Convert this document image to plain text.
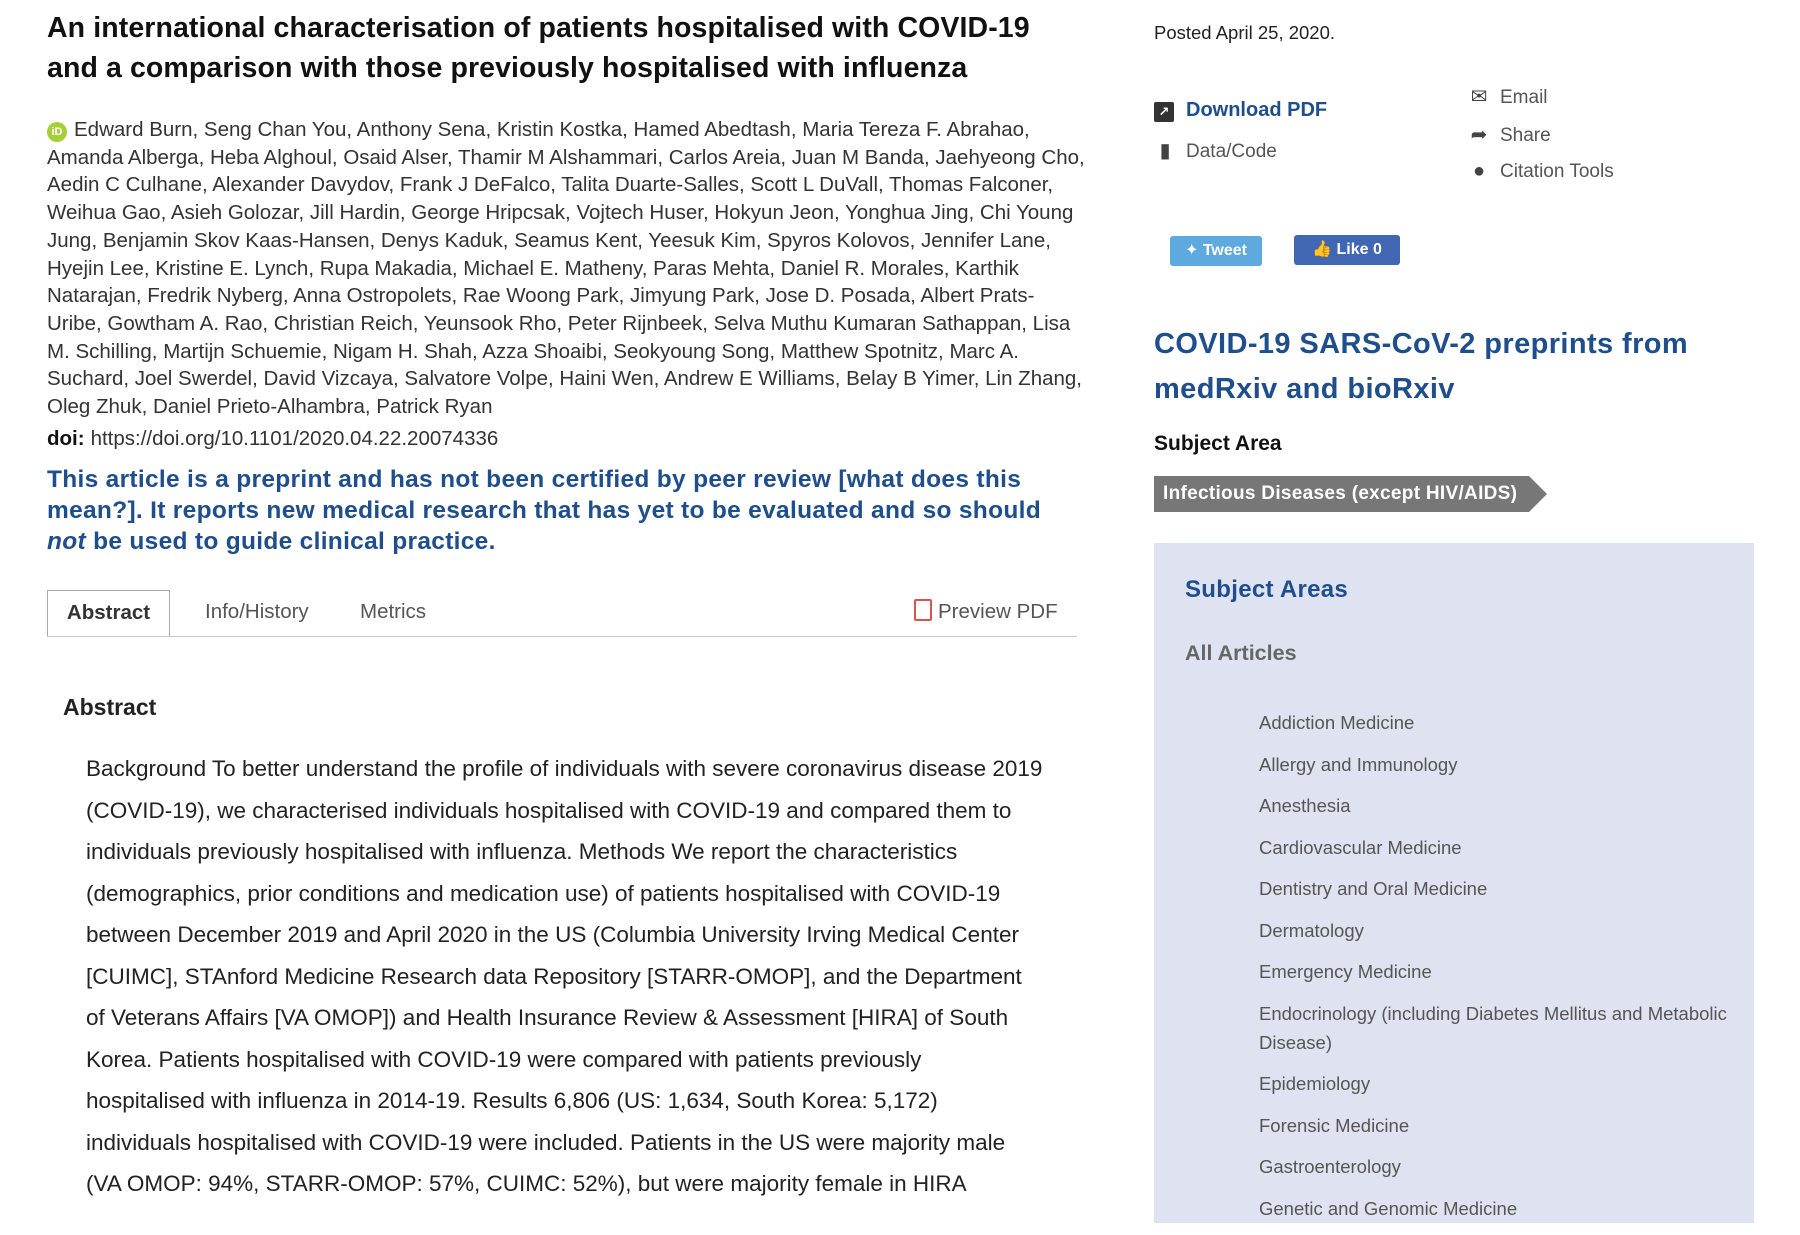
An international characterisation of patients hospitalised with COVID-19 and a comparison with those previously hospitalised with influenza
iD Edward Burn, Seng Chan You, Anthony Sena, Kristin Kostka, Hamed Abedtash, Maria Tereza F. Abrahao, Amanda Alberga, Heba Alghoul, Osaid Alser, Thamir M Alshammari, Carlos Areia, Juan M Banda, Jaehyeong Cho, Aedin C Culhane, Alexander Davydov, Frank J DeFalco, Talita Duarte-Salles, Scott L DuVall, Thomas Falconer, Weihua Gao, Asieh Golozar, Jill Hardin, George Hripcsak, Vojtech Huser, Hokyun Jeon, Yonghua Jing, Chi Young Jung, Benjamin Skov Kaas-Hansen, Denys Kaduk, Seamus Kent, Yeesuk Kim, Spyros Kolovos, Jennifer Lane, Hyejin Lee, Kristine E. Lynch, Rupa Makadia, Michael E. Matheny, Paras Mehta, Daniel R. Morales, Karthik Natarajan, Fredrik Nyberg, Anna Ostropolets, Rae Woong Park, Jimyung Park, Jose D. Posada, Albert Prats-Uribe, Gowtham A. Rao, Christian Reich, Yeunsook Rho, Peter Rijnbeek, Selva Muthu Kumaran Sathappan, Lisa M. Schilling, Martijn Schuemie, Nigam H. Shah, Azza Shoaibi, Seokyoung Song, Matthew Spotnitz, Marc A. Suchard, Joel Swerdel, David Vizcaya, Salvatore Volpe, Haini Wen, Andrew E Williams, Belay B Yimer, Lin Zhang, Oleg Zhuk, Daniel Prieto-Alhambra, Patrick Ryan
doi: https://doi.org/10.1101/2020.04.22.20074336
This article is a preprint and has not been certified by peer review [what does this mean?]. It reports new medical research that has yet to be evaluated and so should not be used to guide clinical practice.
Abstract	Info/History	Metrics	Preview PDF
Abstract
Background To better understand the profile of individuals with severe coronavirus disease 2019 (COVID-19), we characterised individuals hospitalised with COVID-19 and compared them to individuals previously hospitalised with influenza. Methods We report the characteristics (demographics, prior conditions and medication use) of patients hospitalised with COVID-19 between December 2019 and April 2020 in the US (Columbia University Irving Medical Center [CUIMC], STAnford Medicine Research data Repository [STARR-OMOP], and the Department of Veterans Affairs [VA OMOP]) and Health Insurance Review & Assessment [HIRA] of South Korea. Patients hospitalised with COVID-19 were compared with patients previously hospitalised with influenza in 2014-19. Results 6,806 (US: 1,634, South Korea: 5,172) individuals hospitalised with COVID-19 were included. Patients in the US were majority male (VA OMOP: 94%, STARR-OMOP: 57%, CUIMC: 52%), but were majority female in HIRA
Posted April 25, 2020.
↗ Download PDF
▮ Data/Code
✉ Email
➦ Share
● Citation Tools
✦ Tweet	👍 Like 0
COVID-19 SARS-CoV-2 preprints from medRxiv and bioRxiv
Subject Area
Infectious Diseases (except HIV/AIDS)
Subject Areas
All Articles
Addiction Medicine
Allergy and Immunology
Anesthesia
Cardiovascular Medicine
Dentistry and Oral Medicine
Dermatology
Emergency Medicine
Endocrinology (including Diabetes Mellitus and Metabolic Disease)
Epidemiology
Forensic Medicine
Gastroenterology
Genetic and Genomic Medicine
